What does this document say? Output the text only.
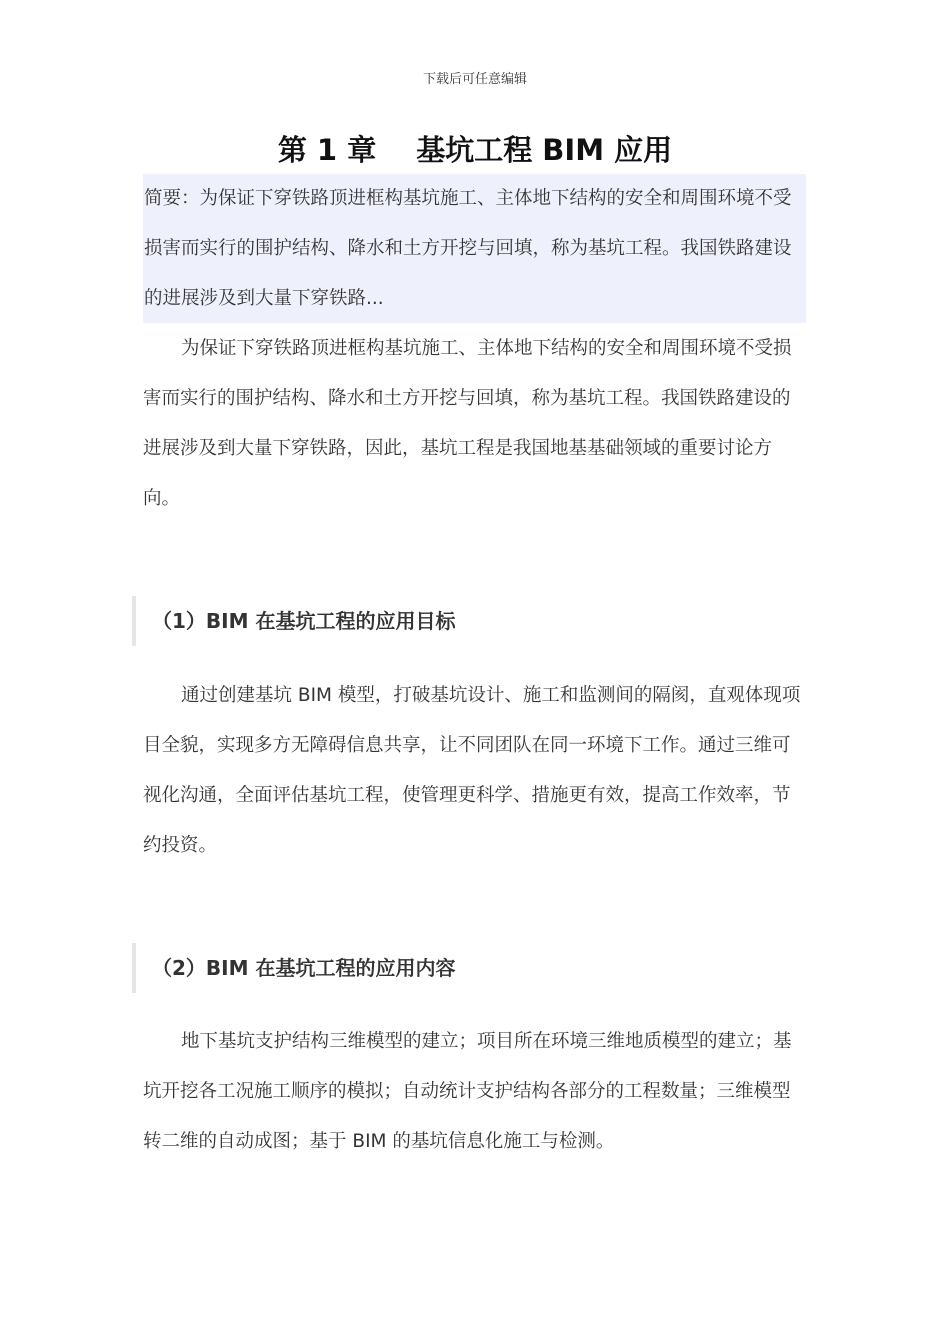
下载后可任意编辑
第 1 章 基坑工程 BIM 应用
简要：为保证下穿铁路顶进框构基坑施工、主体地下结构的安全和周围环境不受损害而实行的围护结构、降水和土方开挖与回填，称为基坑工程。我国铁路建设的进展涉及到大量下穿铁路...

为保证下穿铁路顶进框构基坑施工、主体地下结构的安全和周围环境不受损害而实行的围护结构、降水和土方开挖与回填，称为基坑工程。我国铁路建设的进展涉及到大量下穿铁路，因此，基坑工程是我国地基基础领域的重要讨论方向。

（1）BIM 在基坑工程的应用目标

通过创建基坑 BIM 模型，打破基坑设计、施工和监测间的隔阂，直观体现项目全貌，实现多方无障碍信息共享，让不同团队在同一环境下工作。通过三维可视化沟通，全面评估基坑工程，使管理更科学、措施更有效，提高工作效率，节约投资。

（2）BIM 在基坑工程的应用内容

地下基坑支护结构三维模型的建立；项目所在环境三维地质模型的建立；基坑开挖各工况施工顺序的模拟；自动统计支护结构各部分的工程数量；三维模型转二维的自动成图；基于 BIM 的基坑信息化施工与检测。
